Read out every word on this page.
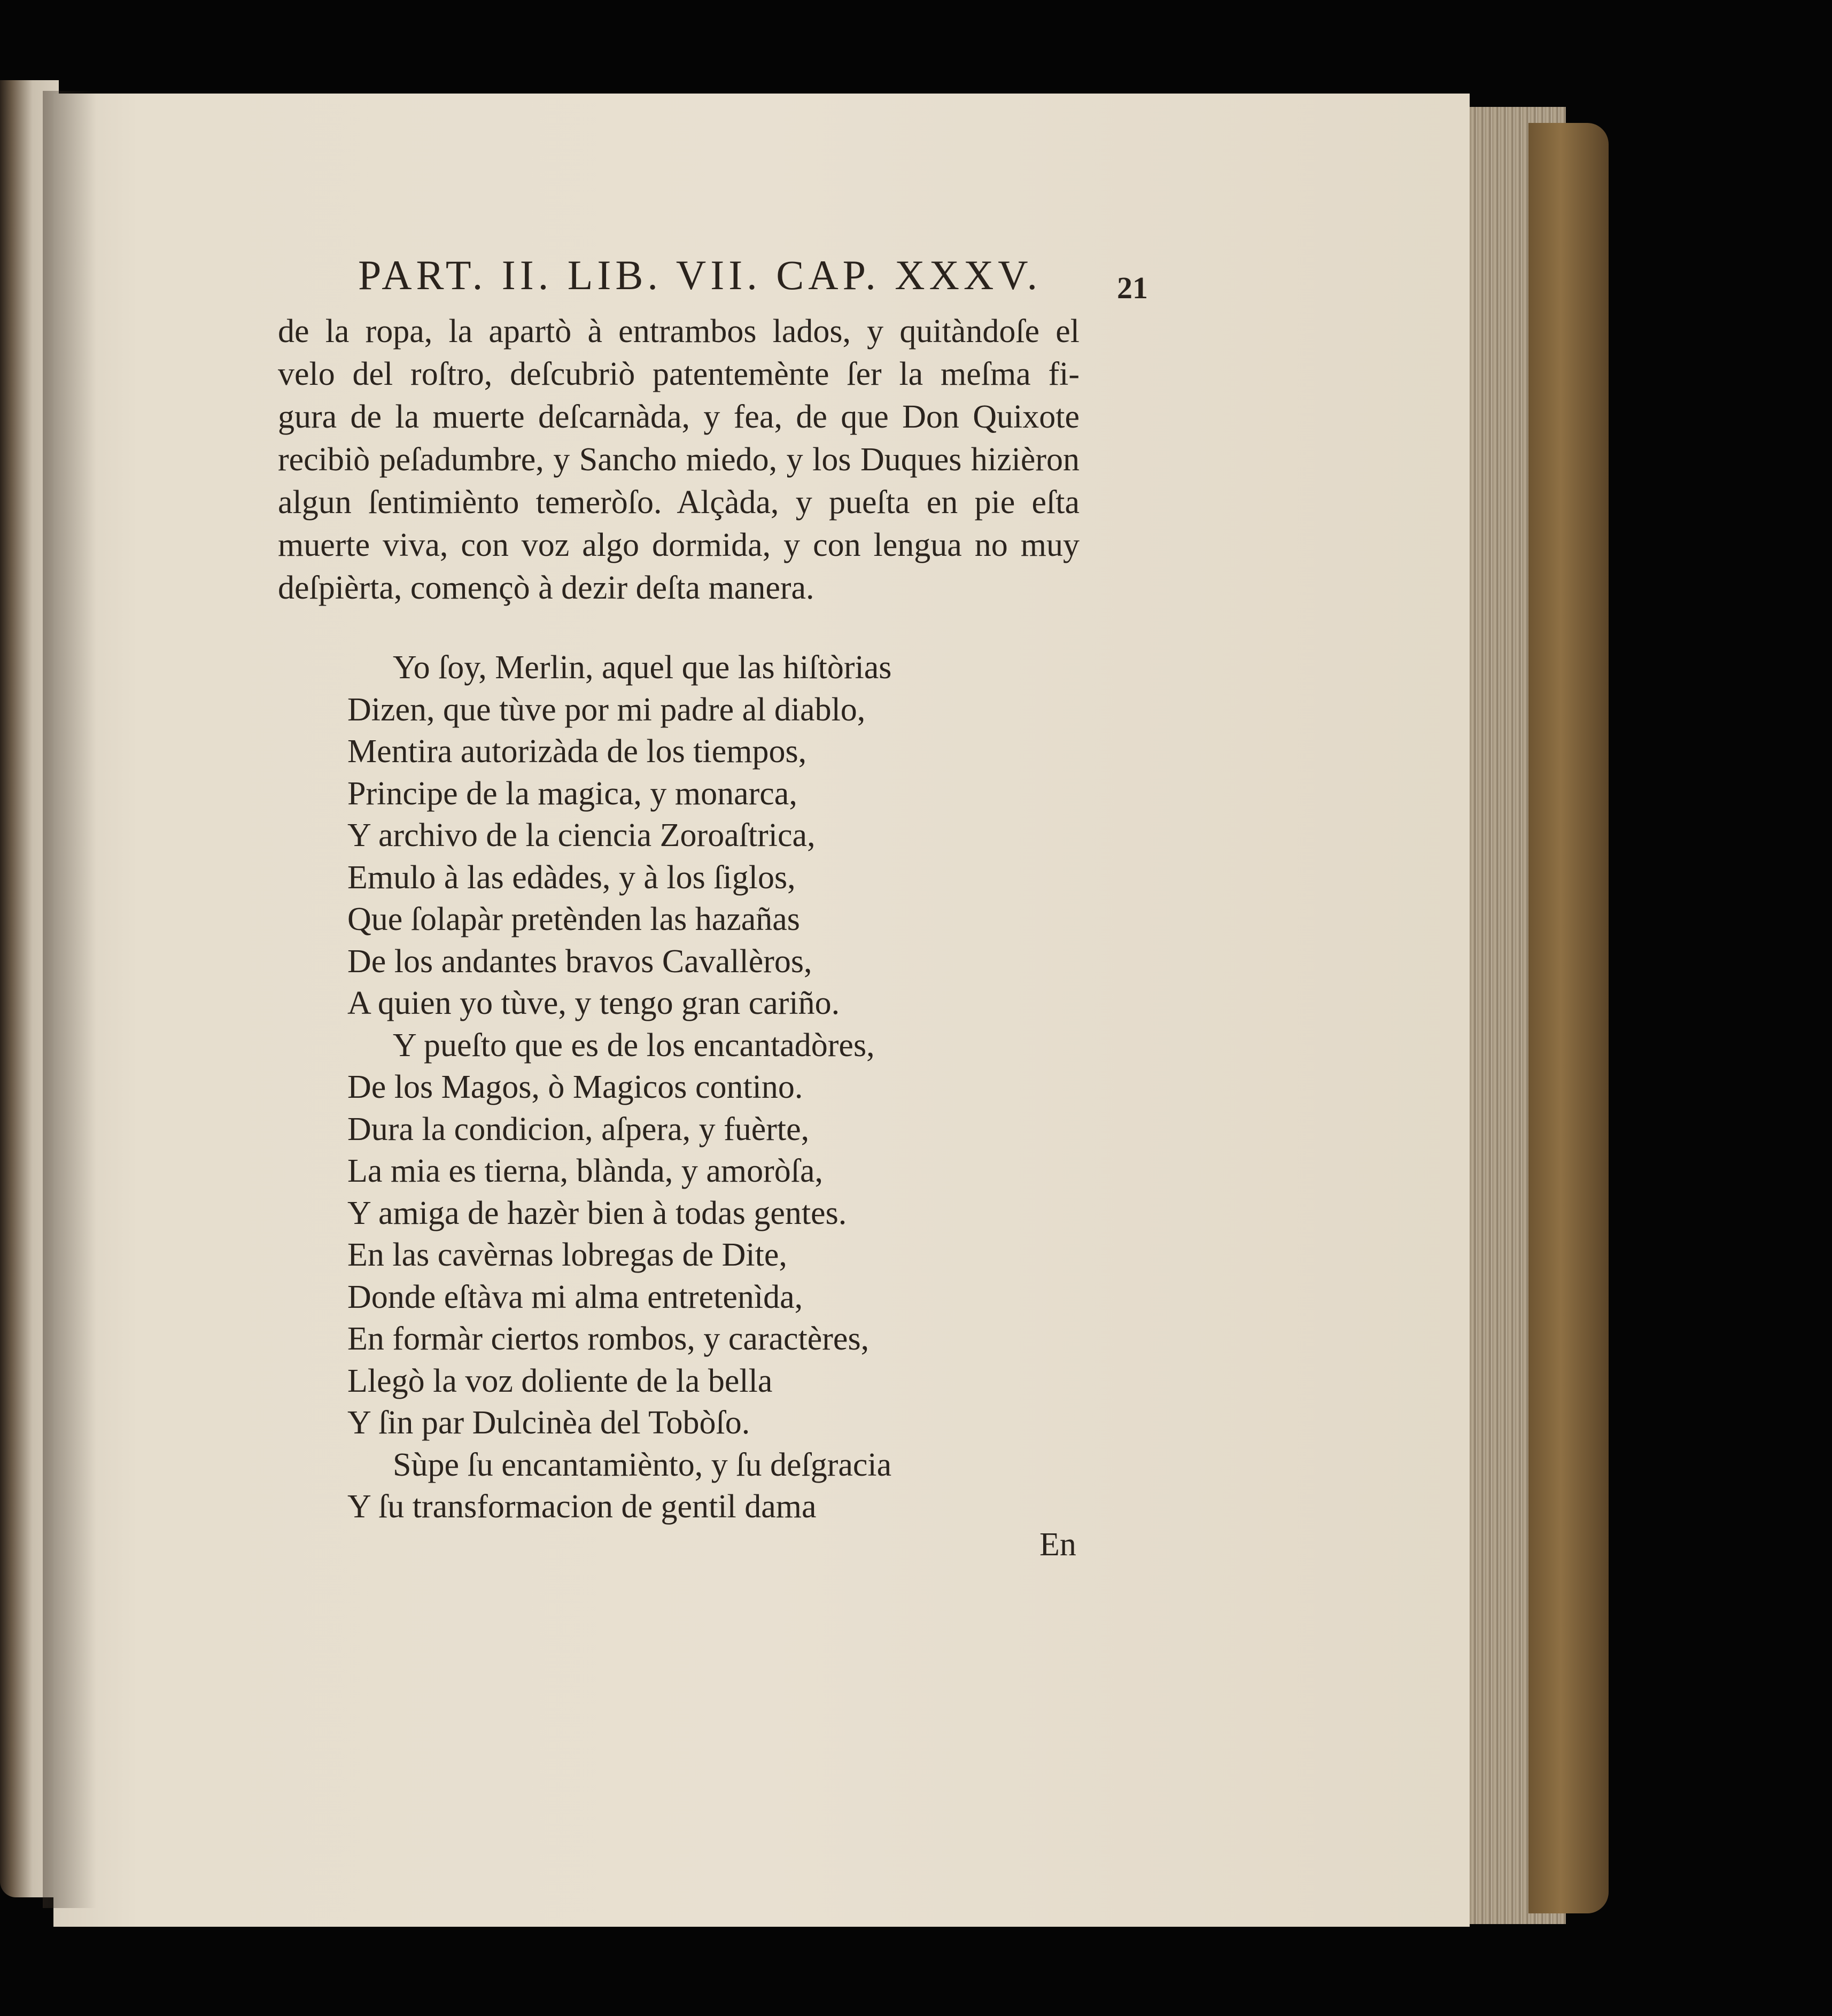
PART. II. LIB. VII. CAP. XXXV. 21
de la ropa, la apartò à entrambos lados, y quitàndoſe el
velo del roſtro, deſcubriò patentemènte ſer la meſma fi-
gura de la muerte deſcarnàda, y fea, de que Don Quixote
recibiò peſadumbre, y Sancho miedo, y los Duques hizièron
algun ſentimiènto temeròſo. Alçàda, y pueſta en pie eſta
muerte viva, con voz algo dormida, y con lengua no muy
deſpièrta, començò à dezir deſta manera.
Yo ſoy, Merlin, aquel que las hiſtòrias
Dizen, que tùve por mi padre al diablo,
Mentira autorizàda de los tiempos,
Principe de la magica, y monarca,
Y archivo de la ciencia Zoroaſtrica,
Emulo à las edàdes, y à los ſiglos,
Que ſolapàr pretènden las hazañas
De los andantes bravos Cavallèros,
A quien yo tùve, y tengo gran cariño.
Y pueſto que es de los encantadòres,
De los Magos, ò Magicos contino.
Dura la condicion, aſpera, y fuèrte,
La mia es tierna, blànda, y amoròſa,
Y amiga de hazèr bien à todas gentes.
En las cavèrnas lobregas de Dite,
Donde eſtàva mi alma entretenìda,
En formàr ciertos rombos, y caractères,
Llegò la voz doliente de la bella
Y ſin par Dulcinèa del Tobòſo.
Sùpe ſu encantamiènto, y ſu deſgracia
Y ſu transformacion de gentil dama
En
